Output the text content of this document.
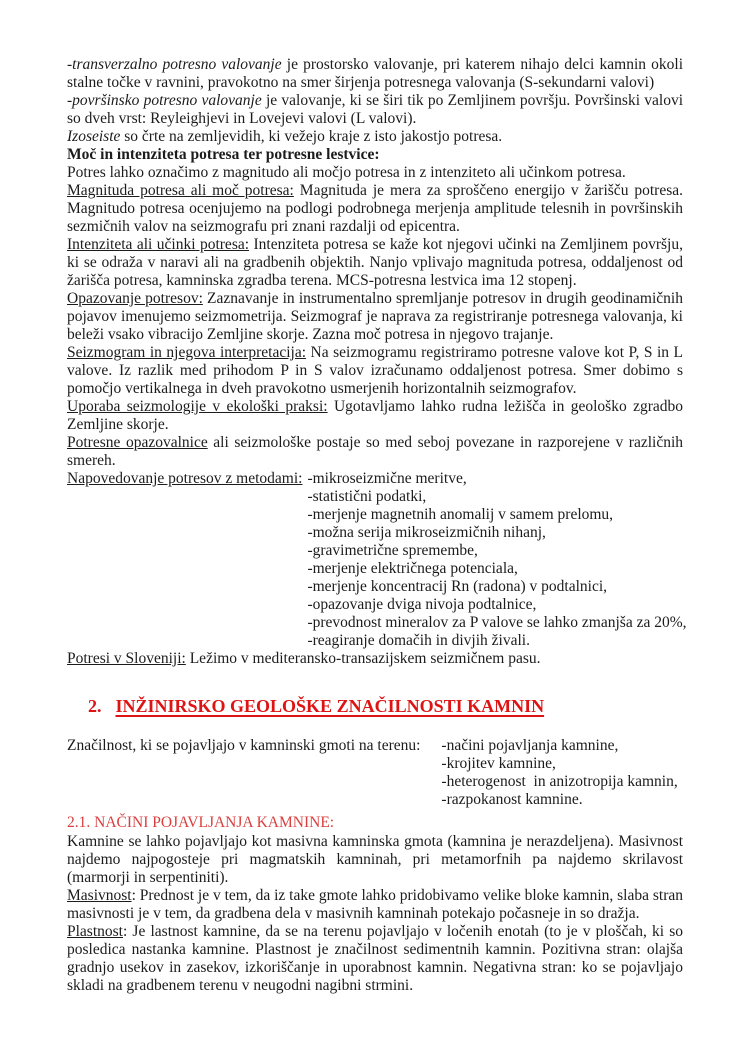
-transverzalno potresno valovanje je prostorsko valovanje, pri katerem nihajo delci kamnin okoli stalne točke v ravnini, pravokotno na smer širjenja potresnega valovanja (S-sekundarni valovi)
-površinsko potresno valovanje je valovanje, ki se širi tik po Zemljinem površju. Površinski valovi so dveh vrst: Reyleighjevi in Lovejevi valovi (L valovi).
Izoseiste so črte na zemljevidih, ki vežejo kraje z isto jakostjo potresa.
Moč in intenziteta potresa ter potresne lestvice:
Potres lahko označimo z magnitudo ali močjo potresa in z intenziteto ali učinkom potresa.
Magnituda potresa ali moč potresa: Magnituda je mera za sproščeno energijo v žarišču potresa. Magnitudo potresa ocenjujemo na podlogi podrobnega merjenja amplitude telesnih in površinskih sezmičnih valov na seizmografu pri znani razdalji od epicentra.
Intenziteta ali učinki potresa: Intenziteta potresa se kaže kot njegovi učinki na Zemljinem površju, ki se odraža v naravi ali na gradbenih objektih. Nanjo vplivajo magnituda potresa, oddaljenost od žarišča potresa, kamninska zgradba terena. MCS-potresna lestvica ima 12 stopenj.
Opazovanje potresov: Zaznavanje in instrumentalno spremljanje potresov in drugih geodinamičnih pojavov imenujemo seizmometrija. Seizmograf je naprava za registriranje potresnega valovanja, ki beleži vsako vibracijo Zemljine skorje. Zazna moč potresa in njegovo trajanje.
Seizmogram in njegova interpretacija: Na seizmogramu registriramo potresne valove kot P, S in L valove. Iz razlik med prihodom P in S valov izračunamo oddaljenost potresa. Smer dobimo s pomočjo vertikalnega in dveh pravokotno usmerjenih horizontalnih seizmografov.
Uporaba seizmologije v ekološki praksi: Ugotavljamo lahko rudna ležišča in geološko zgradbo Zemljine skorje.
Potresne opazovalnice ali seizmološke postaje so med seboj povezane in razporejene v različnih smereh.
Napovedovanje potresov z metodami: -mikroseizmične meritve,
-statistični podatki,
-merjenje magnetnih anomalij v samem prelomu,
-možna serija mikroseizmičnih nihanj,
-gravimetrične spremembe,
-merjenje električnega potenciala,
-merjenje koncentracij Rn (radona) v podtalnici,
-opazovanje dviga nivoja podtalnice,
-prevodnost mineralov za P valove se lahko zmanjša za 20%,
-reagiranje domačih in divjih živali.
Potresi v Sloveniji: Ležimo v mediteransko-transazijskem seizmičnem pasu.
2. INŽINIRSKO GEOLOŠKE ZNAČILNOSTI KAMNIN
Značilnost, ki se pojavljajo v kamninski gmoti na terenu: -načini pojavljanja kamnine,
-krojitev kamnine,
-heterogenost  in anizotropija kamnin,
-razpokanost kamnine.
2.1. NAČINI POJAVLJANJA KAMNINE:
Kamnine se lahko pojavljajo kot masivna kamninska gmota (kamnina je nerazdeljena). Masivnost najdemo najpogosteje pri magmatskih kamninah, pri metamorfnih pa najdemo skrilavost (marmorji in serpentiniti).
Masivnost: Prednost je v tem, da iz take gmote lahko pridobivamo velike bloke kamnin, slaba stran masivnosti je v tem, da gradbena dela v masivnih kamninah potekajo počasneje in so dražja.
Plastnost: Je lastnost kamnine, da se na terenu pojavljajo v ločenih enotah (to je v ploščah, ki so posledica nastanka kamnine. Plastnost je značilnost sedimentnih kamnin. Pozitivna stran: olajša gradnjo usekov in zasekov, izkoriščanje in uporabnost kamnin. Negativna stran: ko se pojavljajo skladi na gradbenem terenu v neugodni nagibni strmini.
